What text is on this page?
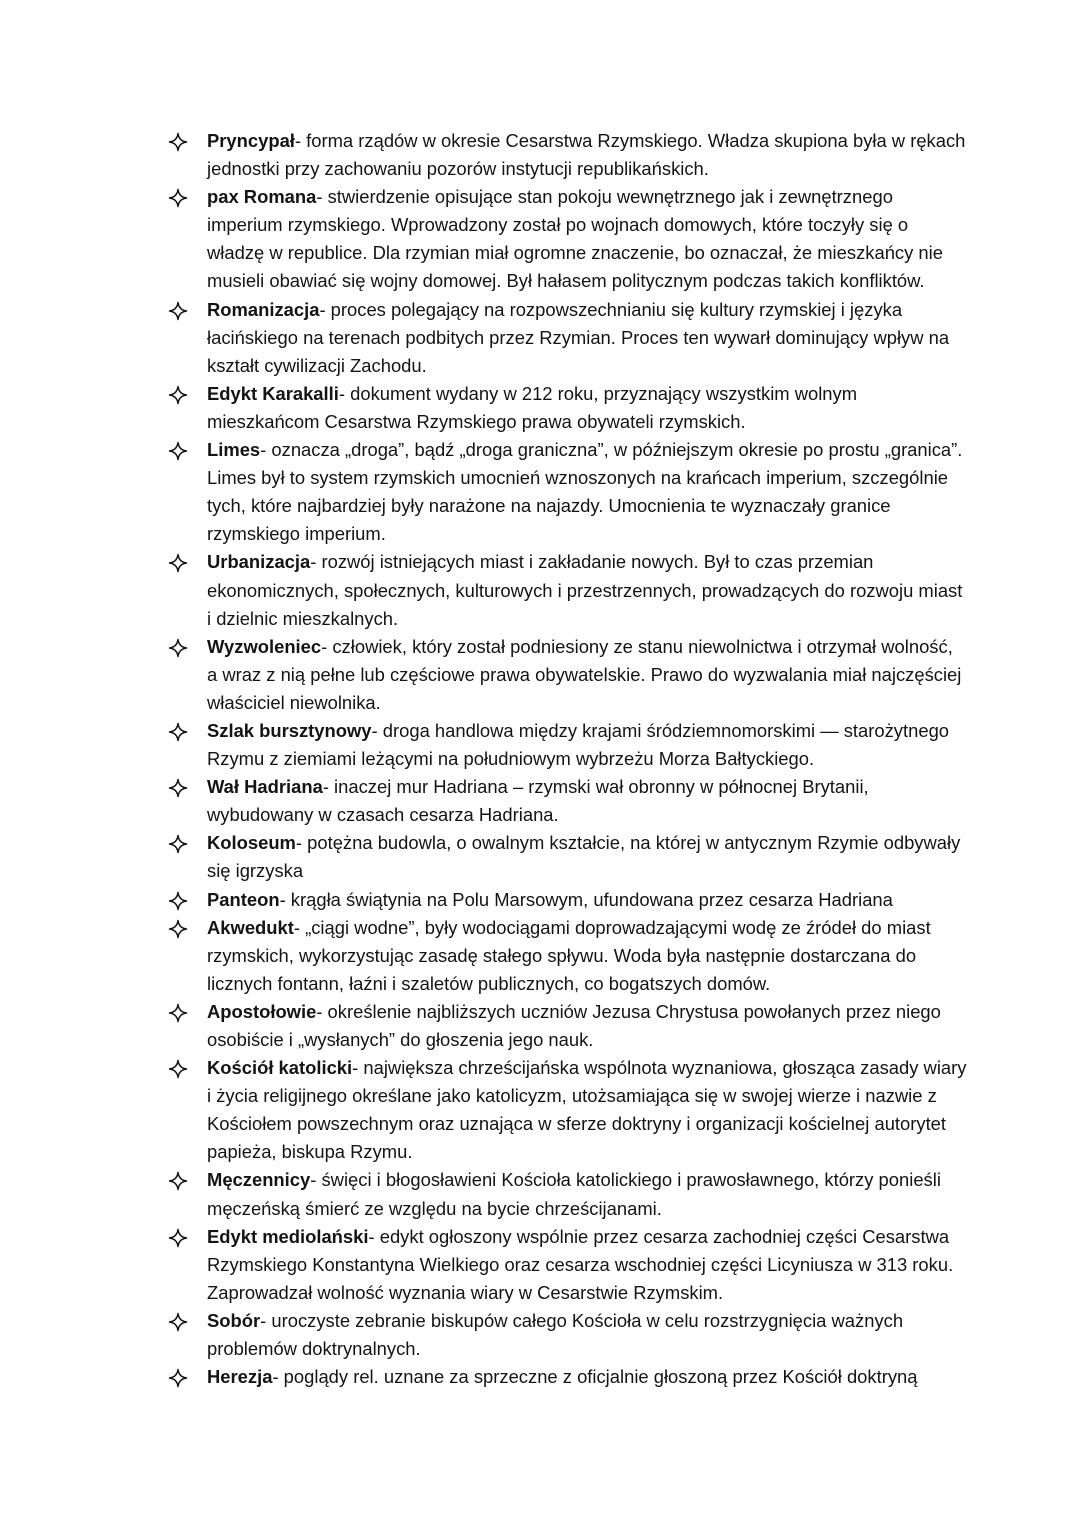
Pryncypał- forma rządów w okresie Cesarstwa Rzymskiego. Władza skupiona była w rękach jednostki przy zachowaniu pozorów instytucji republikańskich.
pax Romana- stwierdzenie opisujące stan pokoju wewnętrznego jak i zewnętrznego imperium rzymskiego. Wprowadzony został po wojnach domowych, które toczyły się o władzę w republice. Dla rzymian miał ogromne znaczenie, bo oznaczał, że mieszkańcy nie musieli obawiać się wojny domowej. Był hałasem politycznym podczas takich konfliktów.
Romanizacja- proces polegający na rozpowszechnianiu się kultury rzymskiej i języka łacińskiego na terenach podbitych przez Rzymian. Proces ten wywarł dominujący wpływ na kształt cywilizacji Zachodu.
Edykt Karakalli- dokument wydany w 212 roku, przyznający wszystkim wolnym mieszkańcom Cesarstwa Rzymskiego prawa obywateli rzymskich.
Limes- oznacza „droga”, bądź „droga graniczna”, w późniejszym okresie po prostu „granica”. Limes był to system rzymskich umocnień wznoszonych na krańcach imperium, szczególnie tych, które najbardziej były narażone na najazdy. Umocnienia te wyznaczały granice rzymskiego imperium.
Urbanizacja- rozwój istniejących miast i zakładanie nowych. Był to czas przemian ekonomicznych, społecznych, kulturowych i przestrzennych, prowadzących do rozwoju miast i dzielnic mieszkalnych.
Wyzwoleniec- człowiek, który został podniesiony ze stanu niewolnictwa i otrzymał wolność, a wraz z nią pełne lub częściowe prawa obywatelskie. Prawo do wyzwalania miał najczęściej właściciel niewolnika.
Szlak bursztynowy- droga handlowa między krajami śródziemnomorskimi — starożytnego Rzymu z ziemiami leżącymi na południowym wybrzeżu Morza Bałtyckiego.
Wał Hadriana- inaczej mur Hadriana – rzymski wał obronny w północnej Brytanii, wybudowany w czasach cesarza Hadriana.
Koloseum- potężna budowla, o owalnym kształcie, na której w antycznym Rzymie odbywały się igrzyska
Panteon- krągła świątynia na Polu Marsowym, ufundowana przez cesarza Hadriana
Akwedukt- „ciągi wodne”, były wodociągami doprowadzającymi wodę ze źródeł do miast rzymskich, wykorzystując zasadę stałego spływu. Woda była następnie dostarczana do licznych fontann, łaźni i szaletów publicznych, co bogatszych domów.
Apostołowie- określenie najbliższych uczniów Jezusa Chrystusa powołanych przez niego osobiście i „wysłanych” do głoszenia jego nauk.
Kościół katolicki- największa chrześcijańska wspólnota wyznaniowa, głosząca zasady wiary i życia religijnego określane jako katolicyzm, utożsamiająca się w swojej wierze i nazwie z Kościołem powszechnym oraz uznająca w sferze doktryny i organizacji kościelnej autorytet papieża, biskupa Rzymu.
Męczennicy- święci i błogosławieni Kościoła katolickiego i prawosławnego, którzy ponieśli męczeńską śmierć ze względu na bycie chrześcijanami.
Edykt mediolański- edykt ogłoszony wspólnie przez cesarza zachodniej części Cesarstwa Rzymskiego Konstantyna Wielkiego oraz cesarza wschodniej części Licyniusza w 313 roku. Zaprowadzał wolność wyznania wiary w Cesarstwie Rzymskim.
Sobór- uroczyste zebranie biskupów całego Kościoła w celu rozstrzygnięcia ważnych problemów doktrynalnych.
Herezja- poglądy rel. uznane za sprzeczne z oficjalnie głoszoną przez Kościół doktryną
